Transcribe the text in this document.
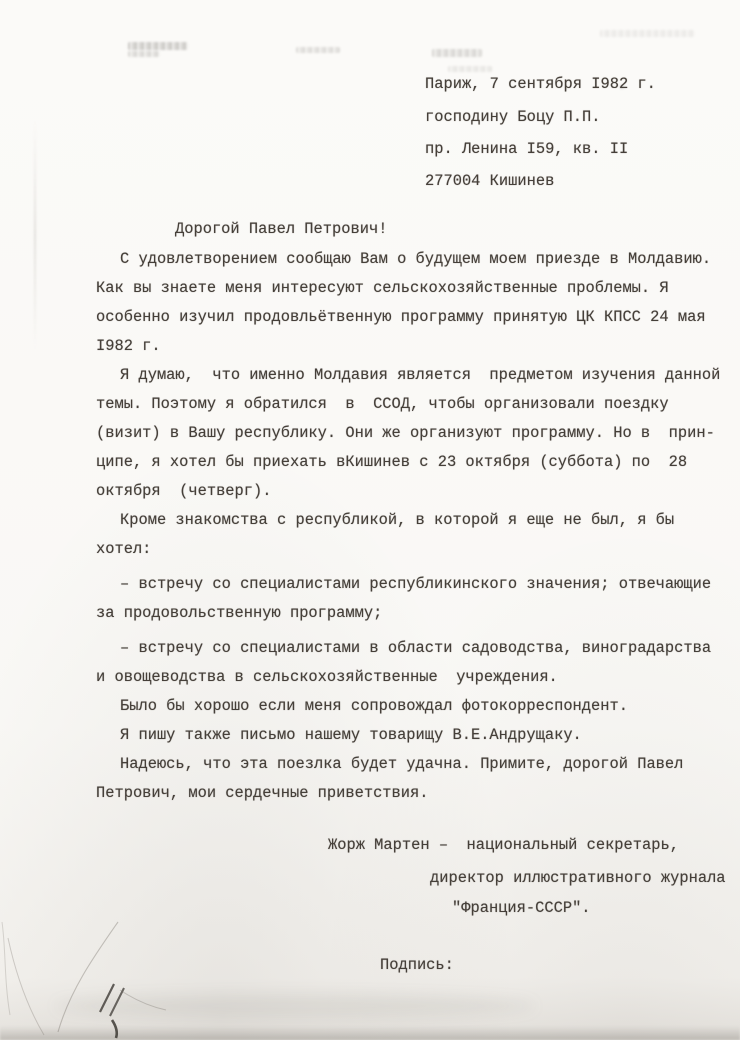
Париж, 7 сентября I982 г.
господину Боцу П.П.
пр. Ленина I59, кв. II
277004 Кишинев
Дорогой Павел Петрович!
С удовлетворением сообщаю Вам о будущем моем приезде в Молдавию.
Как вы знаете меня интересуют сельскохозяйственные проблемы. Я
особенно изучил продовльётвенную программу принятую ЦК КПСС 24 мая
I982 г.
Я думаю,  что именно Молдавия является  предметом изучения данной
темы. Поэтому я обратился  в  ССОД, чтобы организовали поездку
(визит) в Вашу республику. Они же организуют программу. Но в  прин-
ципе, я хотел бы приехать вКишинев с 23 октября (суббота) по  28
октября  (четверг).
Кроме знакомства с республикой, в которой я еще не был, я бы
хотел:
– встречу со специалистами республикинского значения; отвечающие
за продовольственную программу;
– встречу со специалистами в области садоводства, виноградарства
и овощеводства в сельскохозяйственные  учреждения.
Было бы хорошо если меня сопровождал фотокорреспондент.
Я пишу также письмо нашему товарищу В.Е.Андрущаку.
Надеюсь, что эта поезлка будет удачна. Примите, дорогой Павел
Петрович, мои сердечные приветствия.
Жорж Мартен –  национальный секретарь,
директор иллюстративного журнала
"Франция-СССР".
Подпись:
